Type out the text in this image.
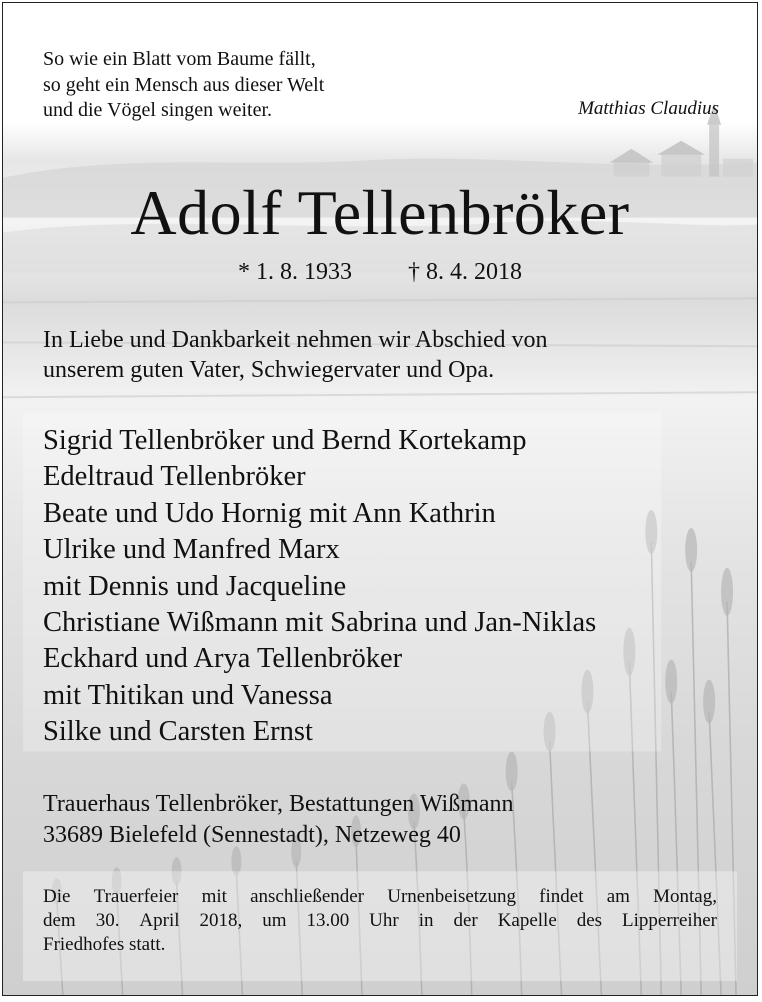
So wie ein Blatt vom Baume fällt,
so geht ein Mensch aus dieser Welt
und die Vögel singen weiter.	Matthias Claudius
Adolf Tellenbröker
* 1. 8. 1933 † 8. 4. 2018
In Liebe und Dankbarkeit nehmen wir Abschied von
unserem guten Vater, Schwiegervater und Opa.
Sigrid Tellenbröker und Bernd Kortekamp
Edeltraud Tellenbröker
Beate und Udo Hornig mit Ann Kathrin
Ulrike und Manfred Marx
mit Dennis und Jacqueline
Christiane Wißmann mit Sabrina und Jan-Niklas
Eckhard und Arya Tellenbröker
mit Thitikan und Vanessa
Silke und Carsten Ernst
Trauerhaus Tellenbröker, Bestattungen Wißmann
33689 Bielefeld (Sennestadt), Netzeweg 40
Die Trauerfeier mit anschließender Urnenbeisetzung findet am Montag,
dem 30. April 2018, um 13.00 Uhr in der Kapelle des Lipperreiher
Friedhofes statt.
